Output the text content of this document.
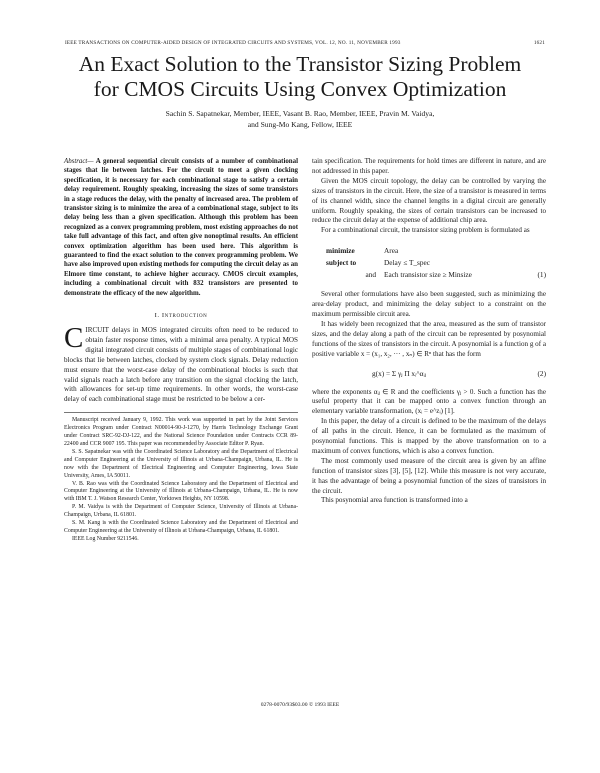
IEEE TRANSACTIONS ON COMPUTER-AIDED DESIGN OF INTEGRATED CIRCUITS AND SYSTEMS, VOL. 12, NO. 11, NOVEMBER 1993	1621
An Exact Solution to the Transistor Sizing Problem
for CMOS Circuits Using Convex Optimization
Sachin S. Sapatnekar, Member, IEEE, Vasant B. Rao, Member, IEEE, Pravin M. Vaidya,
and Sung-Mo Kang, Fellow, IEEE

Abstract— A general sequential circuit consists of a number of combinational stages that lie between latches. For the circuit to meet a given clocking specification, it is necessary for each combinational stage to satisfy a certain delay requirement. Roughly speaking, increasing the sizes of some transistors in a stage reduces the delay, with the penalty of increased area. The problem of transistor sizing is to minimize the area of a combinational stage, subject to its delay being less than a given specification. Although this problem has been recognized as a convex programming problem, most existing approaches do not take full advantage of this fact, and often give nonoptimal results. An efficient convex optimization algorithm has been used here. This algorithm is guaranteed to find the exact solution to the convex programming problem. We have also improved upon existing methods for computing the circuit delay as an Elmore time constant, to achieve higher accuracy. CMOS circuit examples, including a combinational circuit with 832 transistors are presented to demonstrate the efficacy of the new algorithm.

I. Introduction

C IRCUIT delays in MOS integrated circuits often need to be reduced to obtain faster response times, with a minimal area penalty. A typical MOS digital integrated circuit consists of multiple stages of combinational logic blocks that lie between latches, clocked by system clock signals. Delay reduction must ensure that the worst-case delay of the combinational blocks is such that valid signals reach a latch before any transition on the signal clocking the latch, with allowances for set-up time requirements. In other words, the worst-case delay of each combinational stage must be restricted to be below a cer-

Manuscript received January 9, 1992. This work was supported in part by the Joint Services Electronics Program under Contract N00014-90-J-1270, by Harris Technology Exchange Grant under Contract SRC-92-DJ-122, and the National Science Foundation under Contracts CCR 89-22400 and CCR 9007 195. This paper was recommended by Associate Editor P. Ryan.

S. S. Sapatnekar was with the Coordinated Science Laboratory and the Department of Electrical and Computer Engineering at the University of Illinois at Urbana-Champaign, Urbana, IL. He is now with the Department of Electrical Engineering and Computer Engineering, Iowa State University, Ames, IA 50011.

V. B. Rao was with the Coordinated Science Laboratory and the Department of Electrical and Computer Engineering at the University of Illinois at Urbana-Champaign, Urbana, IL. He is now with IBM T. J. Watson Research Center, Yorktown Heights, NY 10598.

P. M. Vaidya is with the Department of Computer Science, University of Illinois at Urbana-Champaign, Urbana, IL 61801.

S. M. Kang is with the Coordinated Science Laboratory and the Department of Electrical and Computer Engineering at the University of Illinois at Urbana-Champaign, Urbana, IL 61801.

IEEE Log Number 9211546.

tain specification. The requirements for hold times are different in nature, and are not addressed in this paper.

Given the MOS circuit topology, the delay can be controlled by varying the sizes of transistors in the circuit. Here, the size of a transistor is measured in terms of its channel width, since the channel lengths in a digital circuit are generally uniform. Roughly speaking, the sizes of certain transistors can be increased to reduce the circuit delay at the expense of additional chip area.

For a combinational circuit, the transistor sizing problem is formulated as

minimize	Area
subject to	Delay ≤ T_spec
and	Each transistor size ≥ Minsize	(1)

Several other formulations have also been suggested, such as minimizing the area·delay product, and minimizing the delay subject to a constraint on the maximum permissible circuit area.

It has widely been recognized that the area, measured as the sum of transistor sizes, and the delay along a path of the circuit can be represented by posynomial functions of the sizes of transistors in the circuit. A posynomial is a function g of a positive variable x = (x₁, x₂, ··· , xₙ) ∈ Rⁿ that has the form

g(x) = Σ γⱼ Π xᵢ^αᵢⱼ	(2)

where the exponents αᵢⱼ ∈ R and the coefficients γⱼ > 0. Such a function has the useful property that it can be mapped onto a convex function through an elementary variable transformation, (xᵢ = e^zᵢ) [1].

In this paper, the delay of a circuit is defined to be the maximum of the delays of all paths in the circuit. Hence, it can be formulated as the maximum of posynomial functions. This is mapped by the above transformation on to a maximum of convex functions, which is also a convex function.

The most commonly used measure of the circuit area is given by an affine function of transistor sizes [3], [5], [12]. While this measure is not very accurate, it has the advantage of being a posynomial function of the sizes of transistors in the circuit.

This posynomial area function is transformed into a

0278-0070/93$03.00 © 1993 IEEE
